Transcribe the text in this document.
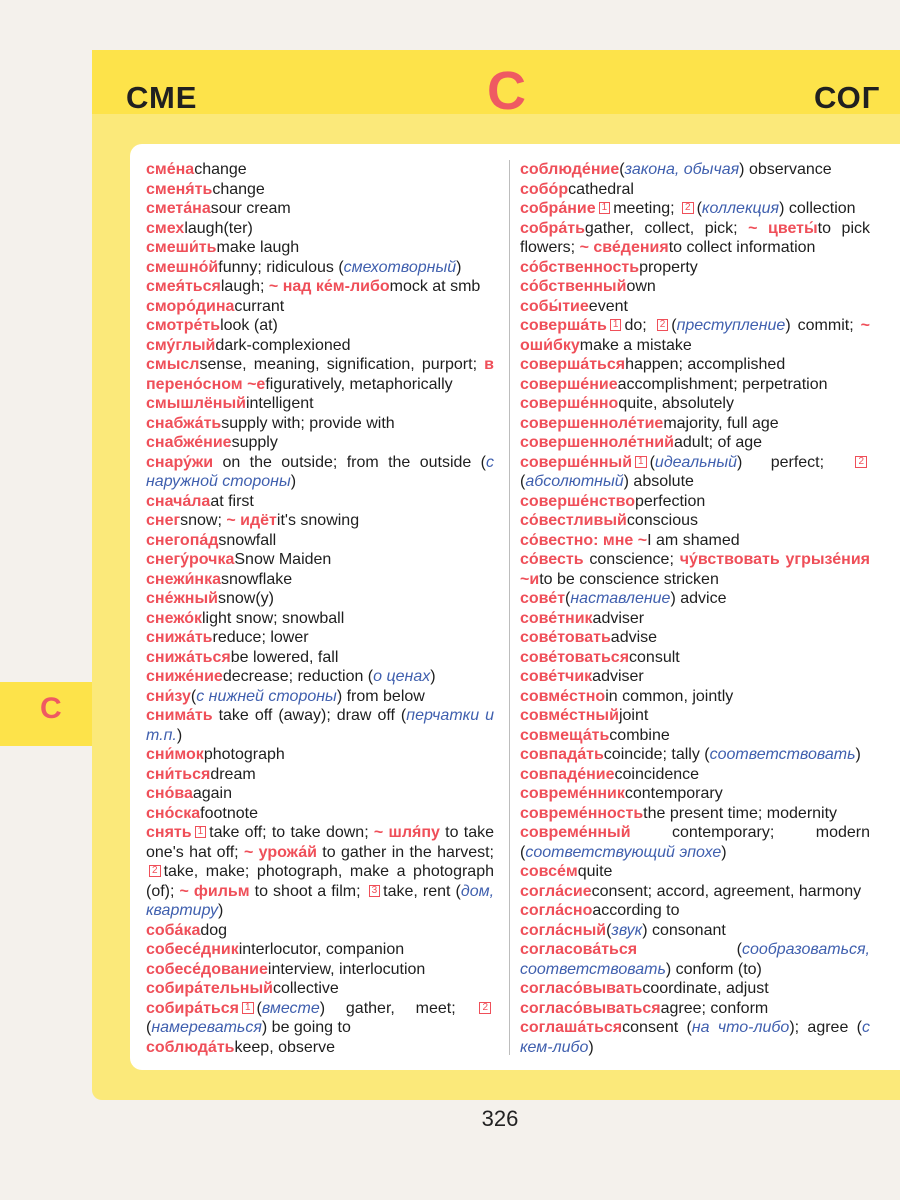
СМЕ	С	СОГ
С

сме́наchange

сменя́тьchange

смета́наsour cream

смехlaugh(ter)

смеши́тьmake laugh

смешно́йfunny; ridiculous (смехотворный)

смея́тьсяlaugh; ~ над ке́м-либоmock at smb

сморо́динаcurrant

смотре́тьlook (at)

сму́глыйdark-complexioned

смыслsense, meaning, signification, purport; в перено́сном ~еfiguratively, metaphorically

смышлёныйintelligent

снабжа́тьsupply with; provide with

снабже́ниеsupply

снару́жи on the outside; from the outside (с наружной стороны)

снача́лаat first

снегsnow; ~ идётit's snowing

снегопа́дsnowfall

снегу́рочкаSnow Maiden

снежи́нкаsnowflake

сне́жныйsnow(y)

снежо́кlight snow; snowball

снижа́тьreduce; lower

снижа́тьсяbe lowered, fall

сниже́ниеdecrease; reduction (о ценах)

сни́зу(с нижней стороны) from below

снима́ть take off (away); draw off (перчатки и т.п.)

сни́мокphotograph

сни́тьсяdream

сно́ваagain

сно́скаfootnote

снять 1 take off; to take down; ~ шля́пу to take one's hat off; ~ урожа́й to gather in the harvest; 2 take, make; photograph, make a photograph (of); ~ фильм to shoot a film; 3 take, rent (дом, квартиру)

соба́каdog

собесе́дникinterlocutor, companion

собесе́дованиеinterview, interlocution

собира́тельныйcollective

собира́ться 1 (вместе) gather, meet; 2(намереваться) be going to

соблюда́тьkeep, observe

соблюде́ние(закона, обычая) observance

собо́рcathedral

собра́ние 1 meeting; 2 (коллекция) collection

собра́тьgather, collect, pick; ~ цветы́to pick flowers; ~ све́денияto collect information

со́бственностьproperty

со́бственныйown

собы́тиеevent

соверша́ть 1 do; 2 (преступление) commit; ~ оши́бкуmake a mistake

соверша́тьсяhappen; accomplished

соверше́ниеaccomplishment; perpetration

соверше́нноquite, absolutely

совершенноле́тиеmajority, full age

совершенноле́тнийadult; of age

соверше́нный 1 (идеальный) perfect; 2(абсолютный) absolute

соверше́нствоperfection

со́вестливыйconscious

со́вестно: мне ~I am shamed

со́весть conscience; чу́вствовать угрызе́ния ~иto be conscience stricken

сове́т(наставление) advice

сове́тникadviser

сове́товатьadvise

сове́товатьсяconsult

сове́тчикadviser

совме́стноin common, jointly

совме́стныйjoint

совмеща́тьcombine

совпада́тьcoincide; tally (соответствовать)

совпаде́ниеcoincidence

совреме́нникcontemporary

совреме́нностьthe present time; modernity

совреме́нный contemporary; modern (соответствующий эпохе)

совсе́мquite

согла́сиеconsent; accord, agreement, harmony

согла́сноaccording to

согла́сный(звук) consonant

согласова́ться (сообразоваться, соответствовать) conform (to)

согласо́выватьcoordinate, adjust

согласо́выватьсяagree; conform

соглаша́тьсяconsent (на что-либо); agree (с кем-либо)

326
